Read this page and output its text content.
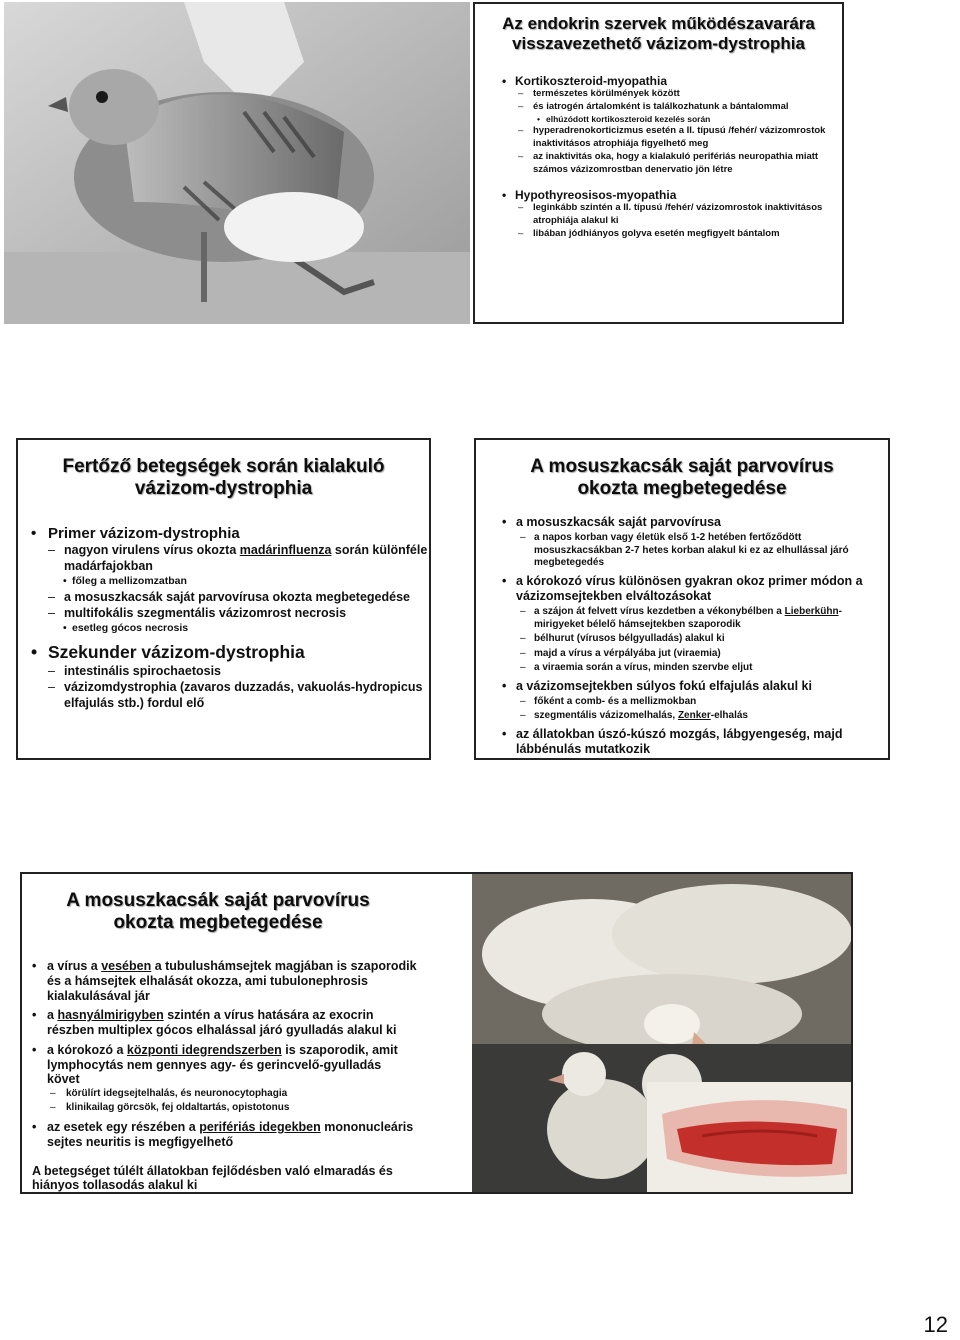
Az endokrin szervek működészavarára
visszavezethető vázizom-dystrophia
• Kortikoszteroid-myopathia
– természetes körülmények között
– és iatrogén ártalomként is találkozhatunk a bántalommal
• elhúzódott kortikoszteroid kezelés során
– hyperadrenokorticizmus esetén a II. típusú /fehér/ vázizomrostok inaktivitásos atrophiája figyelhető meg
– az inaktivitás oka, hogy a kialakuló perifériás neuropathia miatt számos vázizomrostban denervatio jön létre
• Hypothyreosisos-myopathia
– leginkább szintén a II. típusú /fehér/ vázizomrostok inaktivitásos atrophiája alakul ki
– libában jódhiányos golyva esetén megfigyelt bántalom
Fertőző betegségek során kialakuló
vázizom-dystrophia
• Primer vázizom-dystrophia
– nagyon virulens vírus okozta madárinfluenza során különféle madárfajokban
• főleg a mellizomzatban
– a mosuszkacsák saját parvovírusa okozta megbetegedése
– multifokális szegmentális vázizomrost necrosis
• esetleg gócos necrosis
• Szekunder vázizom-dystrophia
– intestinális spirochaetosis
– vázizomdystrophia (zavaros duzzadás, vakuolás-hydropicus elfajulás stb.) fordul elő
A mosuszkacsák saját parvovírus
okozta megbetegedése
• a mosuszkacsák saját parvovírusa
– a napos korban vagy életük első 1-2 hetében fertőződött mosuszkacsákban 2-7 hetes korban alakul ki ez az elhullással járó megbetegedés
• a kórokozó vírus különösen gyakran okoz primer módon a vázizomsejtekben elváltozásokat
– a szájon át felvett vírus kezdetben a vékonybélben a Lieberkühn-mirigyeket bélelő hámsejtekben szaporodik
– bélhurut (vírusos bélgyulladás) alakul ki
– majd a vírus a vérpályába jut (viraemia)
– a viraemia során a vírus, minden szervbe eljut
• a vázizomsejtekben súlyos fokú elfajulás alakul ki
– főként a comb- és a mellizmokban
– szegmentális vázizomelhalás, Zenker-elhalás
• az állatokban úszó-kúszó mozgás, lábgyengeség, majd lábbénulás mutatkozik
A mosuszkacsák saját parvovírus
okozta megbetegedése
• a vírus a vesében a tubulushámsejtek magjában is szaporodik és a hámsejtek elhalását okozza, ami tubulonephrosis kialakulásával jár
• a hasnyálmirigyben szintén a vírus hatására az exocrin részben multiplex gócos elhalással járó gyulladás alakul ki
• a kórokozó a központi idegrendszerben is szaporodik, amit lymphocytás nem gennyes agy- és gerincvelő-gyulladás követ
– körülírt idegsejtelhalás, és neuronocytophagia
– klinikailag görcsök, fej oldaltartás, opistotonus
• az esetek egy részében a perifériás idegekben mononucleáris sejtes neuritis is megfigyelhető
A betegséget túlélt állatokban fejlődésben való elmaradás és hiányos tollasodás alakul ki
12
